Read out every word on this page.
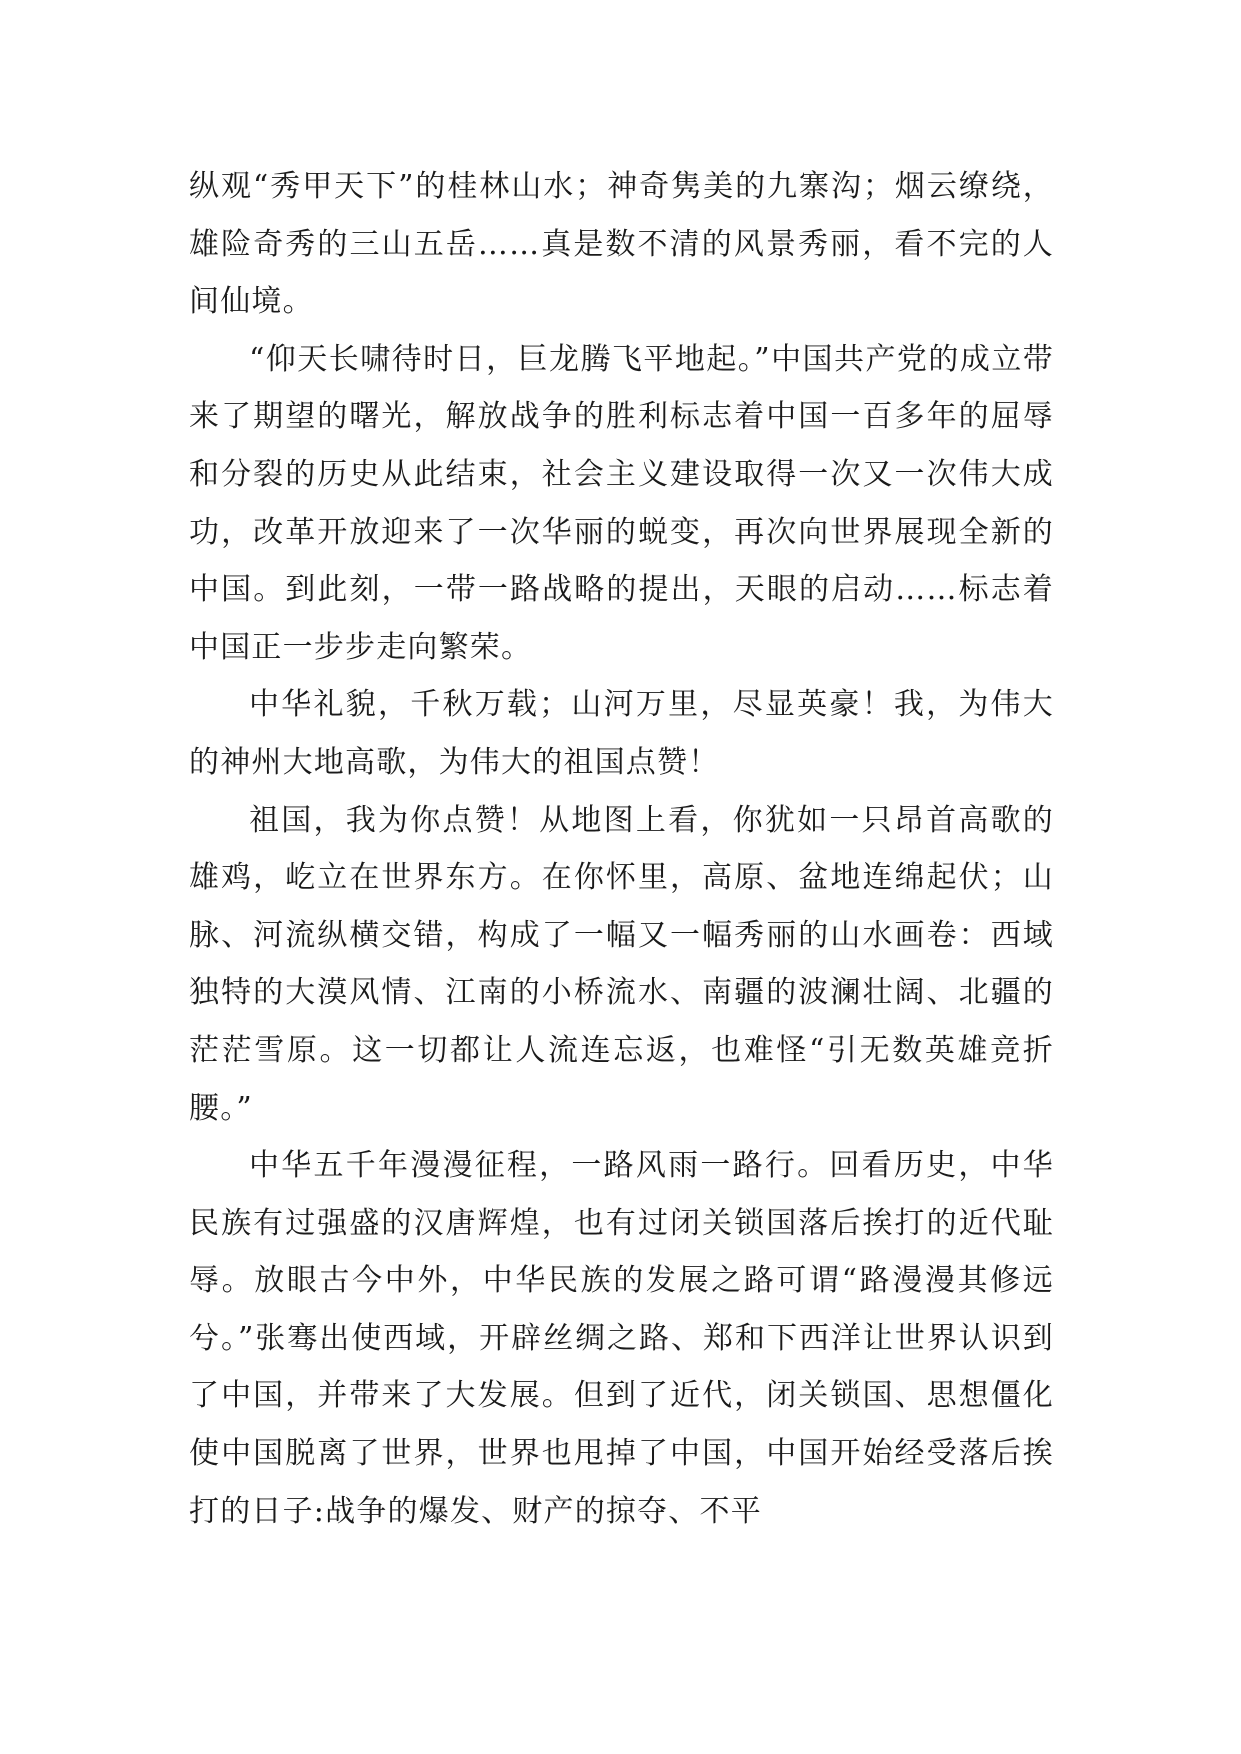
纵观“秀甲天下”的桂林山水；神奇隽美的九寨沟；烟云缭绕，雄险奇秀的三山五岳……真是数不清的风景秀丽，看不完的人间仙境。

“仰天长啸待时日，巨龙腾飞平地起。”中国共产党的成立带来了期望的曙光，解放战争的胜利标志着中国一百多年的屈辱和分裂的历史从此结束，社会主义建设取得一次又一次伟大成功，改革开放迎来了一次华丽的蜕变，再次向世界展现全新的中国。到此刻，一带一路战略的提出，天眼的启动……标志着中国正一步步走向繁荣。

中华礼貌，千秋万载；山河万里，尽显英豪！我，为伟大的神州大地高歌，为伟大的祖国点赞！

祖国，我为你点赞！从地图上看，你犹如一只昂首高歌的雄鸡，屹立在世界东方。在你怀里，高原、盆地连绵起伏；山脉、河流纵横交错，构成了一幅又一幅秀丽的山水画卷：西域独特的大漠风情、江南的小桥流水、南疆的波澜壮阔、北疆的茫茫雪原。这一切都让人流连忘返，也难怪“引无数英雄竞折腰。”

中华五千年漫漫征程，一路风雨一路行。回看历史，中华民族有过强盛的汉唐辉煌，也有过闭关锁国落后挨打的近代耻辱。放眼古今中外，中华民族的发展之路可谓“路漫漫其修远兮。”张骞出使西域，开辟丝绸之路、郑和下西洋让世界认识到了中国，并带来了大发展。但到了近代，闭关锁国、思想僵化使中国脱离了世界，世界也甩掉了中国，中国开始经受落后挨打的日子:战争的爆发、财产的掠夺、不平
